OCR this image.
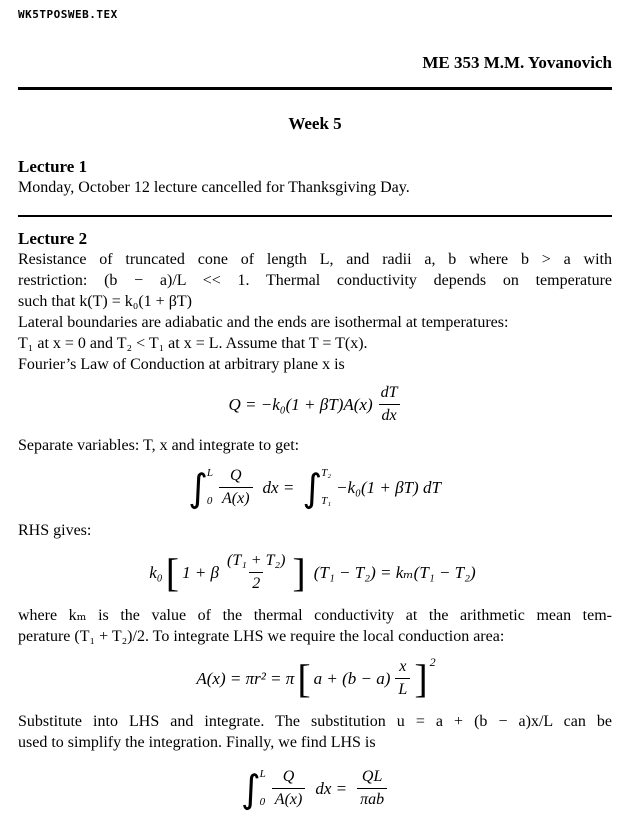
WK5TPOSWEB.TEX
ME 353 M.M. Yovanovich
Week 5
Lecture 1
Monday, October 12 lecture cancelled for Thanksgiving Day.
Lecture 2
Resistance of truncated cone of length L, and radii a, b where b > a with
restriction: (b − a)/L << 1. Thermal conductivity depends on temperature
such that k(T) = k₀(1 + βT)
Lateral boundaries are adiabatic and the ends are isothermal at temperatures:
T₁ at x = 0 and T₂ < T₁ at x = L. Assume that T = T(x).
Fourier’s Law of Conduction at arbitrary plane x is
$Q = -k_0(1 + \beta T)A(x) \frac{dT}{dx}$
Separate variables: T, x and integrate to get:
∫ L
$0 \frac{Q}{A(x)}$ dx = ∫ T₂
T₁
−k₀(1 + βT) dT
RHS gives:
k₀ [ 1 + β $\frac{\text{(T₁ + T₂)}}{2}$ ] (T₁ − T₂) = kₘ(T₁ − T₂)
where kₘ is the value of the thermal conductivity at the arithmetic mean tem-
perature (T₁ + T₂)/2. To integrate LHS we require the local conduction area:
A(x) = πr² = π [ $a + (b - a) \frac{x}{L}$ ] 2
Substitute into LHS and integrate. The substitution u = a + (b − a)x/L can be
used to simplify the integration. Finally, we find LHS is
∫ L
$0 \frac{Q}{A(x)}$ dx = $\frac{QL}{\text{πab}}$
